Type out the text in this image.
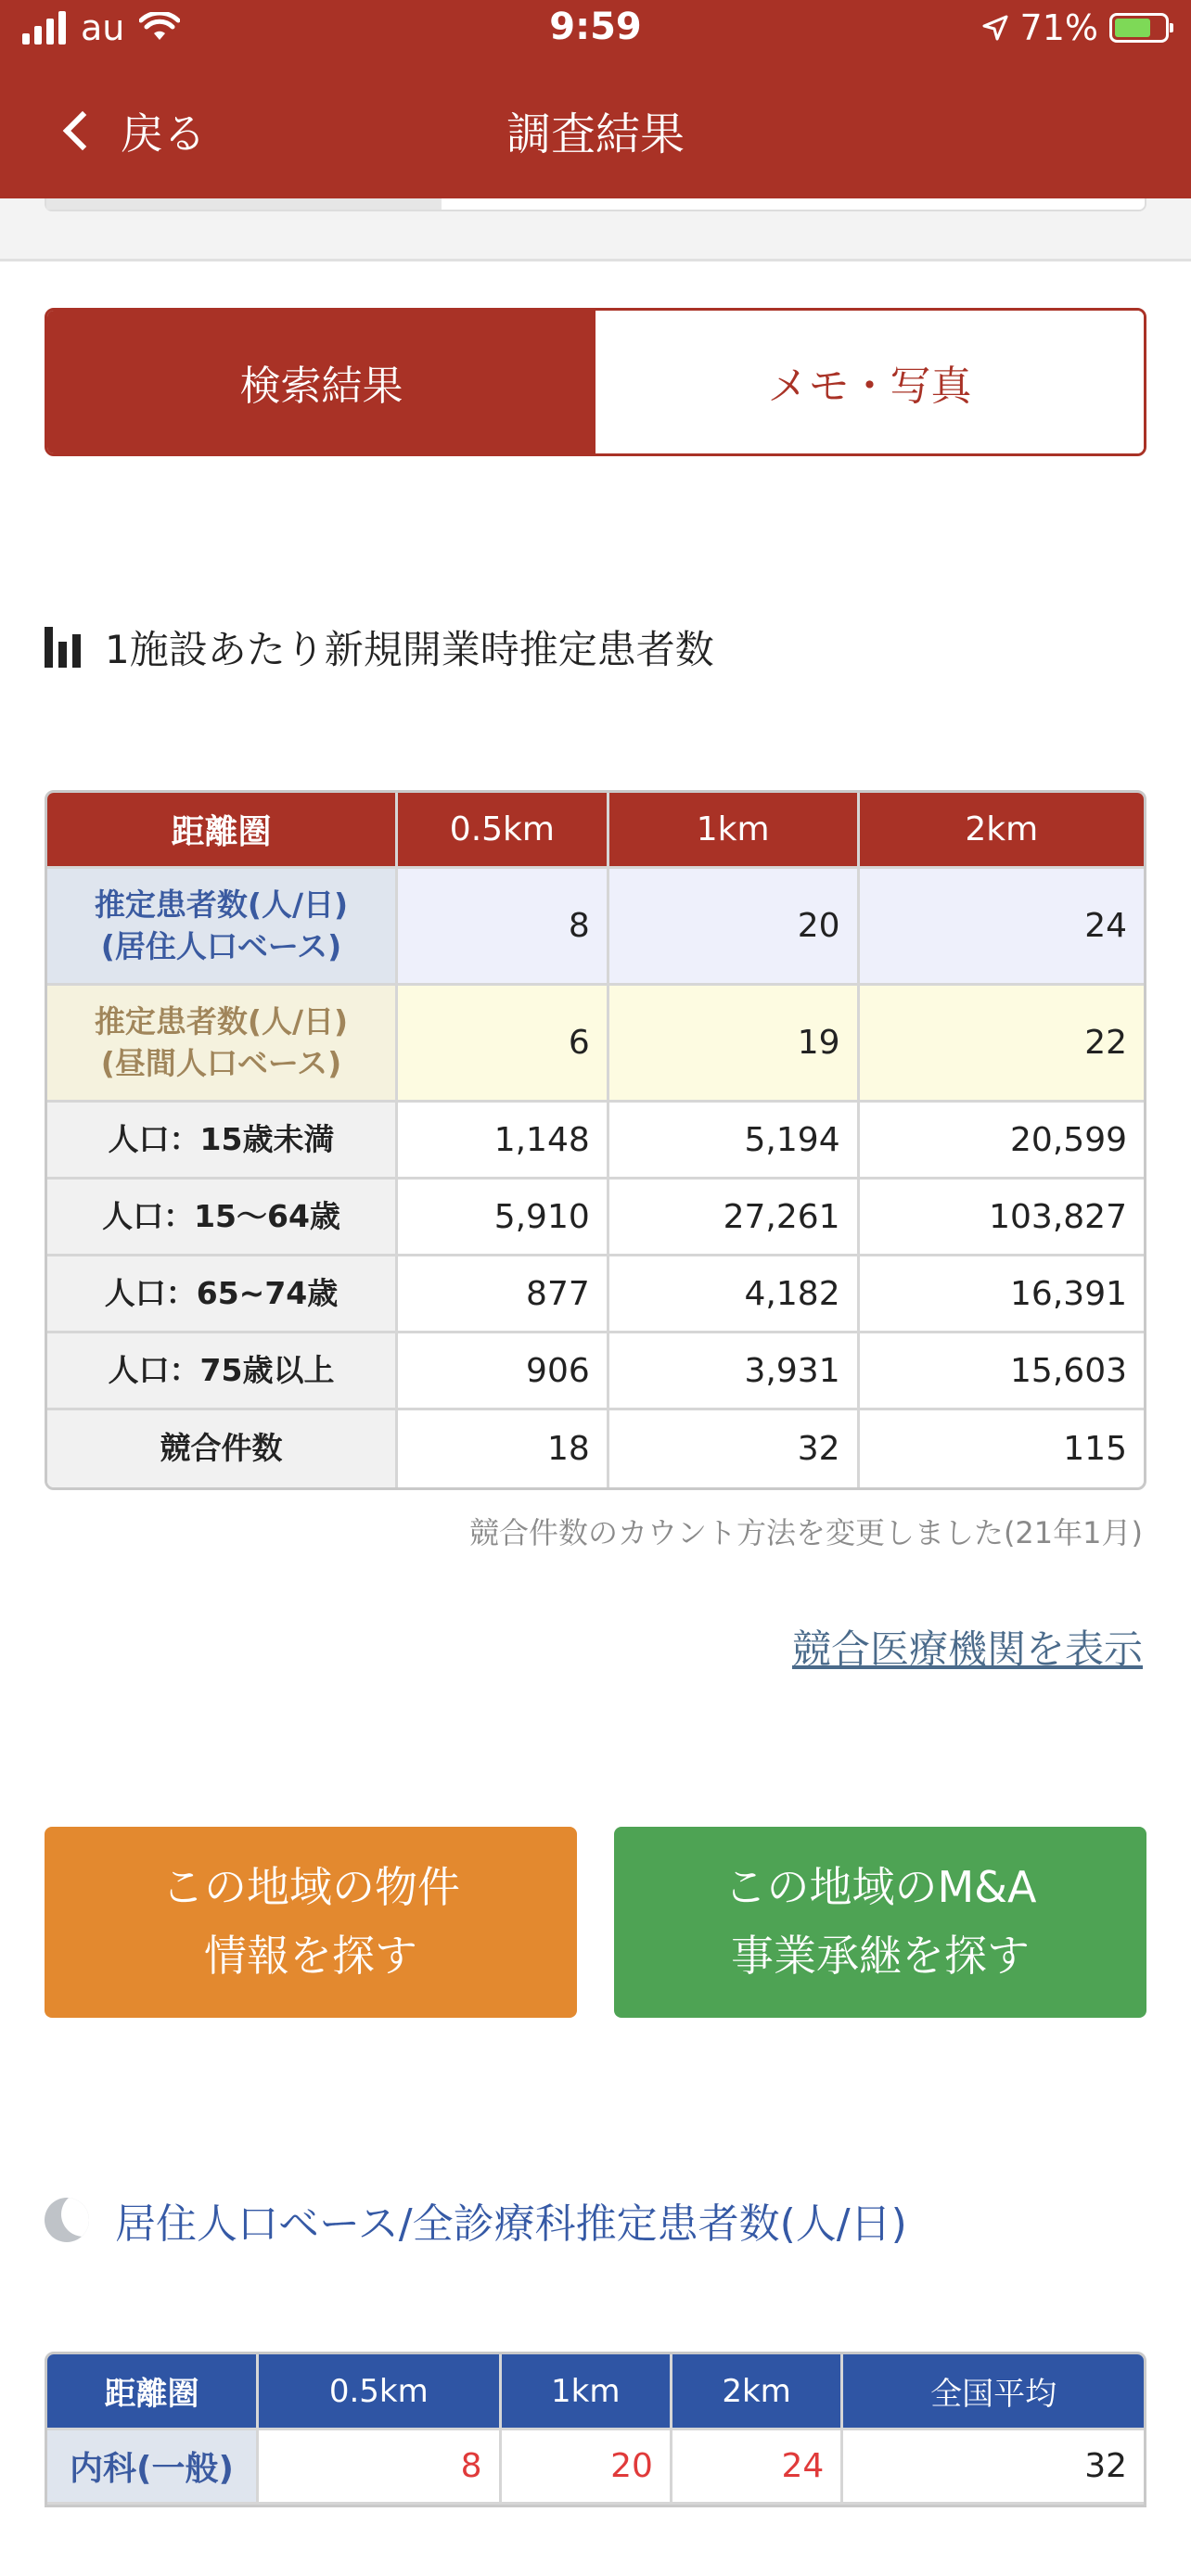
au	9:59	71%
戻る	調査結果
検索結果	メモ・写真
1施設あたり新規開業時推定患者数
距離圏	0.5km	1km	2km

推定患者数(人/日)
(居住人口ベース)	8	20	24

推定患者数(人/日)
(昼間人口ベース)	6	19	22
人口：15歳未満	1,148	5,194	20,599
人口：15〜64歳	5,910	27,261	103,827
人口：65~74歳	877	4,182	16,391
人口：75歳以上	906	3,931	15,603
競合件数	18	32	115
競合件数のカウント方法を変更しました(21年1月)
競合医療機関を表示
この地域の物件
情報を探す
この地域のM&A
事業承継を探す
居住人口ベース/全診療科推定患者数(人/日)
距離圏	0.5km	1km	2km	全国平均
内科(一般)	8	20	24	32
